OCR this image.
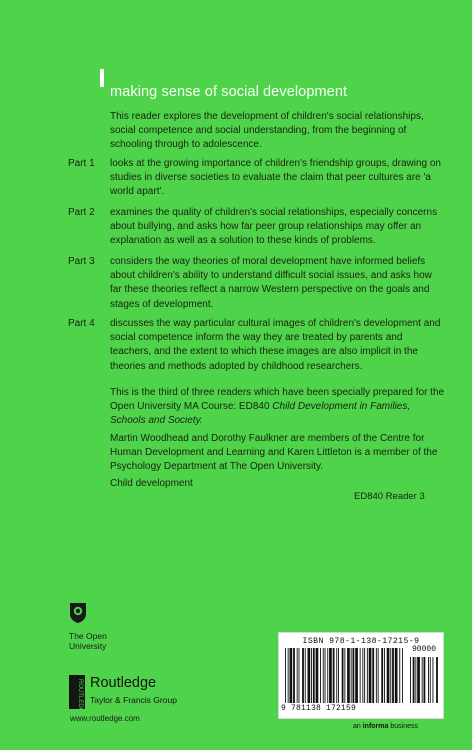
making sense of social development
This reader explores the development of children's social relationships, social competence and social understanding, from the beginning of schooling through to adolescence.
Part 1	looks at the growing importance of children's friendship groups, drawing on studies in diverse societies to evaluate the claim that peer cultures are 'a world apart'.
Part 2	examines the quality of children's social relationships, especially concerns about bullying, and asks how far peer group relationships may offer an explanation as well as a solution to these kinds of problems.
Part 3	considers the way theories of moral development have informed beliefs about children's ability to understand difficult social issues, and asks how far these theories reflect a narrow Western perspective on the goals and stages of development.
Part 4	discusses the way particular cultural images of children's development and social competence inform the way they are treated by parents and teachers, and the extent to which these images are also implicit in the theories and methods adopted by childhood researchers.
This is the third of three readers which have been specially prepared for the Open University MA Course: ED840 Child Development in Families, Schools and Society.
Martin Woodhead and Dorothy Faulkner are members of the Centre for Human Development and Learning and Karen Littleton is a member of the Psychology Department at The Open University.
Child development
ED840 Reader 3
The Open
University
ROUTLEDGE Routledge
Taylor & Francis Group
www.routledge.com
ISBN 978-1-138-17215-9
90000
9 781138 172159
an informa business
